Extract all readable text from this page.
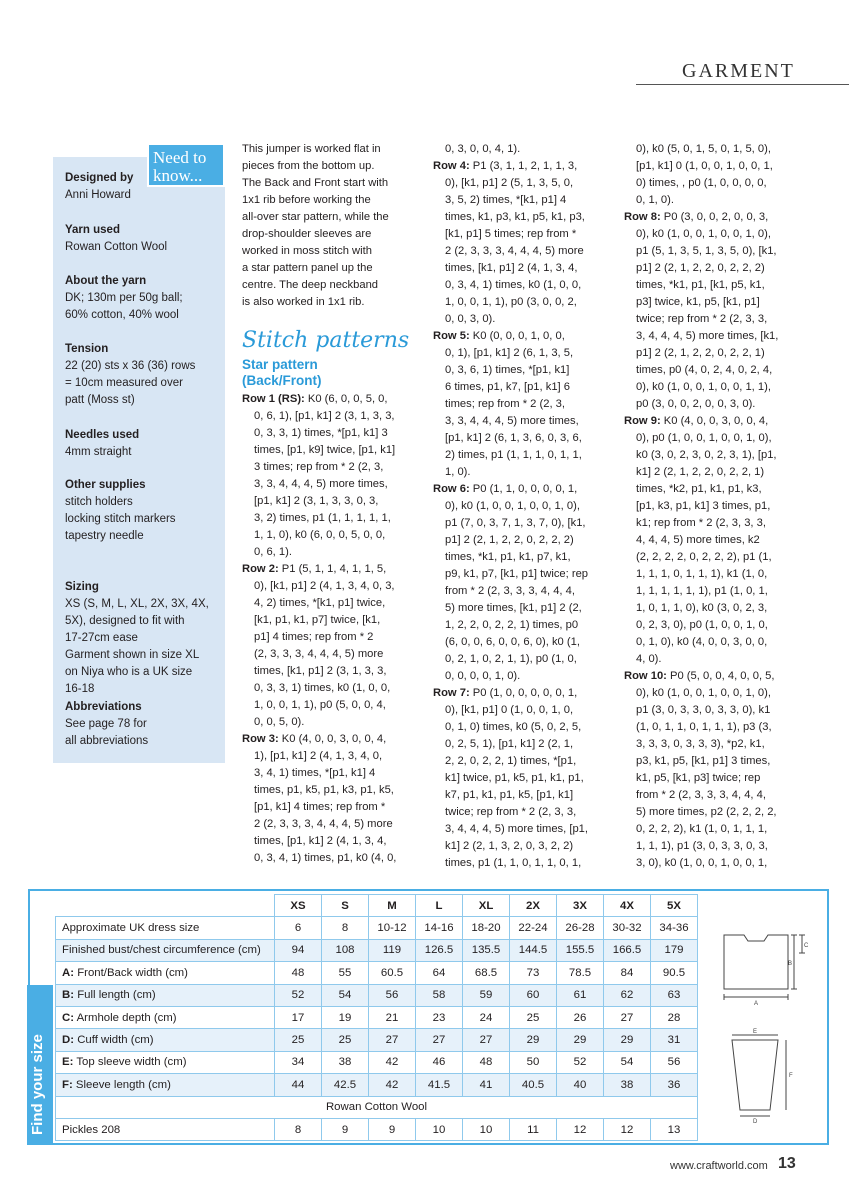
GARMENT
Need to
know...
Designed by
Anni Howard
Yarn used
Rowan Cotton Wool
About the yarn
DK; 130m per 50g ball;
60% cotton, 40% wool
Tension
22 (20) sts x 36 (36) rows
= 10cm measured over
patt (Moss st)
Needles used
4mm straight
Other supplies
stitch holders
locking stitch markers
tapestry needle
Sizing
XS (S, M, L, XL, 2X, 3X, 4X,
5X), designed to fit with
17-27cm ease
Garment shown in size XL
on Niya who is a UK size
16-18
Abbreviations
See page 78 for
all abbreviations
This jumper is worked flat in
pieces from the bottom up.
The Back and Front start with
1x1 rib before working the
all-over star pattern, while the
drop-shoulder sleeves are
worked in moss stitch with
a star pattern panel up the
centre. The deep neckband
is also worked in 1x1 rib.
Stitch patterns
Star pattern
(Back/Front)
Row 1 (RS): K0 (6, 0, 0, 5, 0,
0, 6, 1), [p1, k1] 2 (3, 1, 3, 3,
0, 3, 3, 1) times, *[p1, k1] 3
times, [p1, k9] twice, [p1, k1]
3 times; rep from * 2 (2, 3,
3, 3, 4, 4, 4, 5) more times,
[p1, k1] 2 (3, 1, 3, 3, 0, 3,
3, 2) times, p1 (1, 1, 1, 1, 1,
1, 1, 0), k0 (6, 0, 0, 5, 0, 0,
0, 6, 1).
Row 2: P1 (5, 1, 1, 4, 1, 1, 5,
0), [k1, p1] 2 (4, 1, 3, 4, 0, 3,
4, 2) times, *[k1, p1] twice,
[k1, p1, k1, p7] twice, [k1,
p1] 4 times; rep from * 2
(2, 3, 3, 3, 4, 4, 4, 5) more
times, [k1, p1] 2 (3, 1, 3, 3,
0, 3, 3, 1) times, k0 (1, 0, 0,
1, 0, 0, 1, 1), p0 (5, 0, 0, 4,
0, 0, 5, 0).
Row 3: K0 (4, 0, 0, 3, 0, 0, 4,
1), [p1, k1] 2 (4, 1, 3, 4, 0,
3, 4, 1) times, *[p1, k1] 4
times, p1, k5, p1, k3, p1, k5,
[p1, k1] 4 times; rep from *
2 (2, 3, 3, 3, 4, 4, 4, 5) more
times, [p1, k1] 2 (4, 1, 3, 4,
0, 3, 4, 1) times, p1, k0 (4, 0,
0, 3, 0, 0, 4, 1).
Row 4: P1 (3, 1, 1, 2, 1, 1, 3,
0), [k1, p1] 2 (5, 1, 3, 5, 0,
3, 5, 2) times, *[k1, p1] 4
times, k1, p3, k1, p5, k1, p3,
[k1, p1] 5 times; rep from *
2 (2, 3, 3, 3, 4, 4, 4, 5) more
times, [k1, p1] 2 (4, 1, 3, 4,
0, 3, 4, 1) times, k0 (1, 0, 0,
1, 0, 0, 1, 1), p0 (3, 0, 0, 2,
0, 0, 3, 0).
Row 5: K0 (0, 0, 0, 1, 0, 0,
0, 1), [p1, k1] 2 (6, 1, 3, 5,
0, 3, 6, 1) times, *[p1, k1]
6 times, p1, k7, [p1, k1] 6
times; rep from * 2 (2, 3,
3, 3, 4, 4, 4, 5) more times,
[p1, k1] 2 (6, 1, 3, 6, 0, 3, 6,
2) times, p1 (1, 1, 1, 0, 1, 1,
1, 0).
Row 6: P0 (1, 1, 0, 0, 0, 0, 1,
0), k0 (1, 0, 0, 1, 0, 0, 1, 0),
p1 (7, 0, 3, 7, 1, 3, 7, 0), [k1,
p1] 2 (2, 1, 2, 2, 0, 2, 2, 2)
times, *k1, p1, k1, p7, k1,
p9, k1, p7, [k1, p1] twice; rep
from * 2 (2, 3, 3, 3, 4, 4, 4,
5) more times, [k1, p1] 2 (2,
1, 2, 2, 0, 2, 2, 1) times, p0
(6, 0, 0, 6, 0, 0, 6, 0), k0 (1,
0, 2, 1, 0, 2, 1, 1), p0 (1, 0,
0, 0, 0, 0, 1, 0).
Row 7: P0 (1, 0, 0, 0, 0, 0, 1,
0), [k1, p1] 0 (1, 0, 0, 1, 0,
0, 1, 0) times, k0 (5, 0, 2, 5,
0, 2, 5, 1), [p1, k1] 2 (2, 1,
2, 2, 0, 2, 2, 1) times, *[p1,
k1] twice, p1, k5, p1, k1, p1,
k7, p1, k1, p1, k5, [p1, k1]
twice; rep from * 2 (2, 3, 3,
3, 4, 4, 4, 5) more times, [p1,
k1] 2 (2, 1, 3, 2, 0, 3, 2, 2)
times, p1 (1, 1, 0, 1, 1, 0, 1,
0), k0 (5, 0, 1, 5, 0, 1, 5, 0),
[p1, k1] 0 (1, 0, 0, 1, 0, 0, 1,
0) times, , p0 (1, 0, 0, 0, 0,
0, 1, 0).
Row 8: P0 (3, 0, 0, 2, 0, 0, 3,
0), k0 (1, 0, 0, 1, 0, 0, 1, 0),
p1 (5, 1, 3, 5, 1, 3, 5, 0), [k1,
p1] 2 (2, 1, 2, 2, 0, 2, 2, 2)
times, *k1, p1, [k1, p5, k1,
p3] twice, k1, p5, [k1, p1]
twice; rep from * 2 (2, 3, 3,
3, 4, 4, 4, 5) more times, [k1,
p1] 2 (2, 1, 2, 2, 0, 2, 2, 1)
times, p0 (4, 0, 2, 4, 0, 2, 4,
0), k0 (1, 0, 0, 1, 0, 0, 1, 1),
p0 (3, 0, 0, 2, 0, 0, 3, 0).
Row 9: K0 (4, 0, 0, 3, 0, 0, 4,
0), p0 (1, 0, 0, 1, 0, 0, 1, 0),
k0 (3, 0, 2, 3, 0, 2, 3, 1), [p1,
k1] 2 (2, 1, 2, 2, 0, 2, 2, 1)
times, *k2, p1, k1, p1, k3,
[p1, k3, p1, k1] 3 times, p1,
k1; rep from * 2 (2, 3, 3, 3,
4, 4, 4, 5) more times, k2
(2, 2, 2, 2, 0, 2, 2, 2), p1 (1,
1, 1, 1, 0, 1, 1, 1), k1 (1, 0,
1, 1, 1, 1, 1, 1), p1 (1, 0, 1,
1, 0, 1, 1, 0), k0 (3, 0, 2, 3,
0, 2, 3, 0), p0 (1, 0, 0, 1, 0,
0, 1, 0), k0 (4, 0, 0, 3, 0, 0,
4, 0).
Row 10: P0 (5, 0, 0, 4, 0, 0, 5,
0), k0 (1, 0, 0, 1, 0, 0, 1, 0),
p1 (3, 0, 3, 3, 0, 3, 3, 0), k1
(1, 0, 1, 1, 0, 1, 1, 1), p3 (3,
3, 3, 3, 0, 3, 3, 3), *p2, k1,
p3, k1, p5, [k1, p1] 3 times,
k1, p5, [k1, p3] twice; rep
from * 2 (2, 3, 3, 3, 4, 4, 4,
5) more times, p2 (2, 2, 2, 2,
0, 2, 2, 2), k1 (1, 0, 1, 1, 1,
1, 1, 1), p1 (3, 0, 3, 3, 0, 3,
3, 0), k0 (1, 0, 0, 1, 0, 0, 1,
Find your size
	XS	S	M	L	XL	2X	3X	4X	5X
Approximate UK dress size	6	8	10-12	14-16	18-20	22-24	26-28	30-32	34-36
Finished bust/chest circumference (cm)	94	108	119	126.5	135.5	144.5	155.5	166.5	179
A: Front/Back width (cm)	48	55	60.5	64	68.5	73	78.5	84	90.5
B: Full length (cm)	52	54	56	58	59	60	61	62	63
C: Armhole depth (cm)	17	19	21	23	24	25	26	27	28
D: Cuff width (cm)	25	25	27	27	27	29	29	29	31
E: Top sleeve width (cm)	34	38	42	46	48	50	52	54	56
F: Sleeve length (cm)	44	42.5	42	41.5	41	40.5	40	38	36
Rowan Cotton Wool									
Pickles 208	8	9	9	10	10	11	12	12	13
A
B
C
D
E
F
www.craftworld.com 13
